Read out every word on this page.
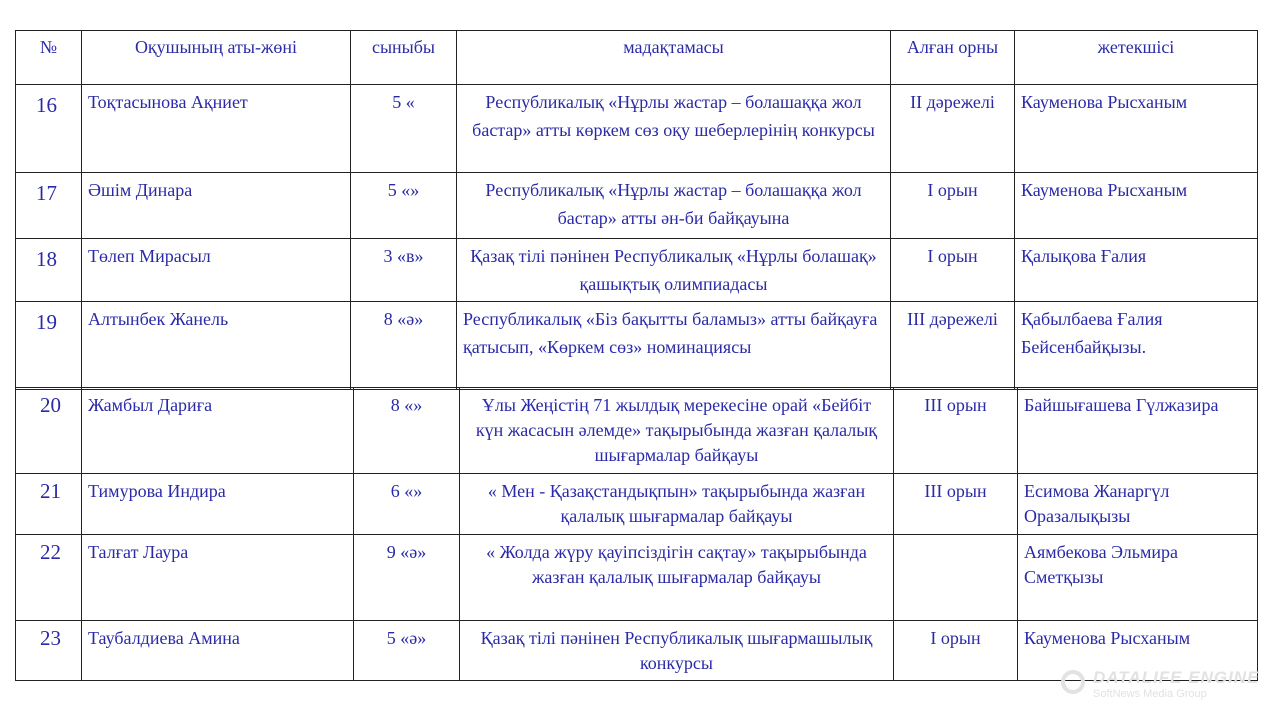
№	Оқушының аты-жөні	сыныбы	мадақтамасы	Алған орны	жетекшісі
16	Тоқтасынова Ақниет	5 «	Республикалық «Нұрлы жастар – болашаққа жол бастар» атты көркем сөз оқу шеберлерінің конкурсы	ІІ дәрежелі	Кауменова Рысханым
17	Әшім Динара	5 «»	Республикалық «Нұрлы жастар – болашаққа жол бастар» атты ән-би байқауына	І орын	Кауменова Рысханым
18	Төлеп Мирасыл	3 «в»	Қазақ тілі пәнінен Республикалық «Нұрлы болашақ» қашықтық олимпиадасы	І орын	Қалықова Ғалия
19	Алтынбек Жанель	8 «ә»	Республикалық «Біз бақытты баламыз» атты байқауға қатысып, «Көркем сөз» номинациясы	ІІІ дәрежелі	Қабылбаева Ғалия Бейсенбайқызы.
20	Жамбыл Дариға	8 «»	Ұлы Жеңістің 71 жылдық мерекесіне орай «Бейбіт күн жасасын әлемде» тақырыбында жазған қалалық шығармалар байқауы	ІІІ орын	Байшығашева Гүлжазира
21	Тимурова Индира	6 «»	« Мен - Қазақстандықпын» тақырыбында жазған қалалық шығармалар байқауы	ІІІ орын	Есимова Жанаргүл Оразалықызы
22	Талғат Лаура	9 «ә»	« Жолда жүру қауіпсіздігін сақтау» тақырыбында жазған қалалық шығармалар байқауы		Аямбекова Эльмира Сметқызы
23	Таубалдиева Амина	5 «ә»	Қазақ тілі пәнінен Республикалық шығармашылық конкурсы	І орын	Кауменова Рысханым
DATALIFE ENGINE
SoftNews Media Group
